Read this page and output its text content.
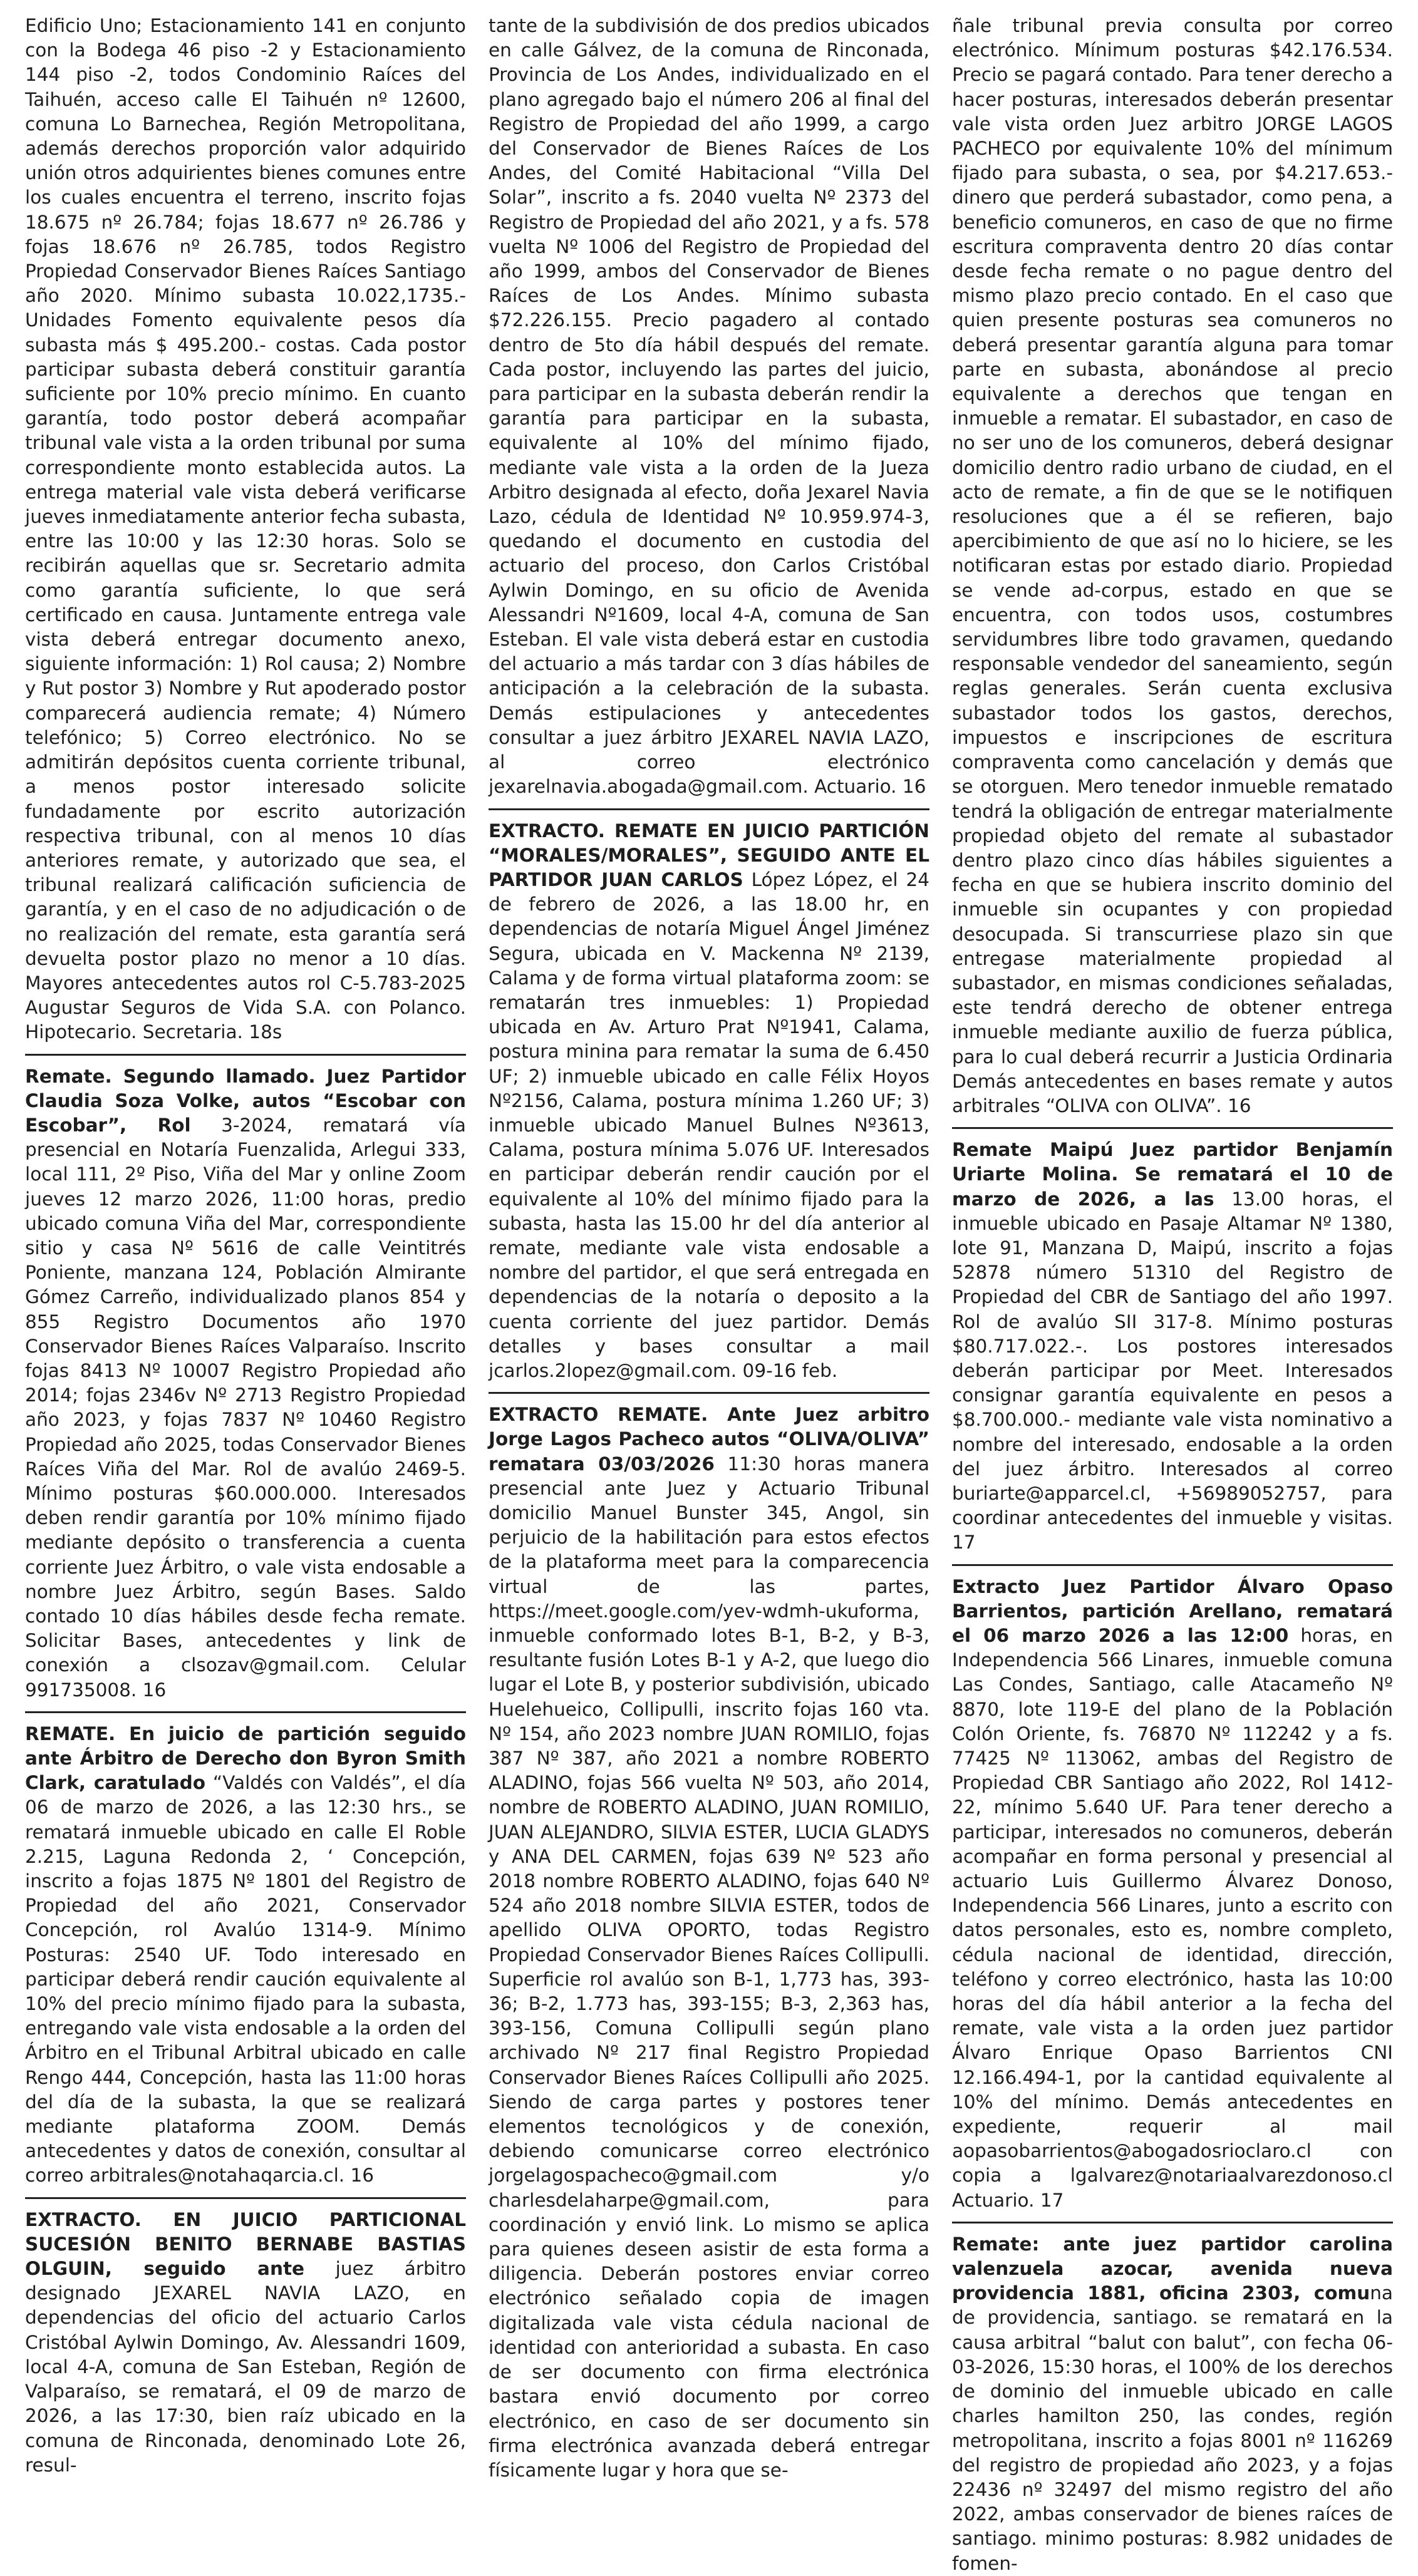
Edificio Uno; Estacionamiento 141 en conjunto con la Bodega 46 piso -2 y Estacionamiento 144 piso -2, todos Condominio Raíces del Taihuén, acceso calle El Taihuén nº 12600, comuna Lo Barnechea, Región Metropolitana, además derechos proporción valor adquirido unión otros adquirientes bienes comunes entre los cuales encuentra el terreno, inscrito fojas 18.675 nº 26.784; fojas 18.677 nº 26.786 y fojas 18.676 nº 26.785, todos Registro Propiedad Conservador Bienes Raíces Santiago año 2020. Mínimo subasta 10.022,1735.- Unidades Fomento equivalente pesos día subasta más $ 495.200.- costas. Cada postor participar subasta deberá constituir garantía suficiente por 10% precio mínimo. En cuanto garantía, todo postor deberá acompañar tribunal vale vista a la orden tribunal por suma correspondiente monto establecida autos. La entrega material vale vista deberá verificarse jueves inmediatamente anterior fecha subasta, entre las 10:00 y las 12:30 horas. Solo se recibirán aquellas que sr. Secretario admita como garantía suficiente, lo que será certificado en causa. Juntamente entrega vale vista deberá entregar documento anexo, siguiente información: 1) Rol causa; 2) Nombre y Rut postor 3) Nombre y Rut apoderado postor comparecerá audiencia remate; 4) Número telefónico; 5) Correo electrónico. No se admitirán depósitos cuenta corriente tribunal, a menos postor interesado solicite fundadamente por escrito autorización respectiva tribunal, con al menos 10 días anteriores remate, y autorizado que sea, el tribunal realizará calificación suficiencia de garantía, y en el caso de no adjudicación o de no realización del remate, esta garantía será devuelta postor plazo no menor a 10 días. Mayores antecedentes autos rol C-5.783-2025 Augustar Seguros de Vida S.A. con Polanco. Hipotecario. Secretaria. 18s

Remate. Segundo llamado. Juez Partidor Claudia Soza Volke, autos “Escobar con Escobar”, Rol 3-2024, rematará vía presencial en Notaría Fuenzalida, Arlegui 333, local 111, 2º Piso, Viña del Mar y online Zoom jueves 12 marzo 2026, 11:00 horas, predio ubicado comuna Viña del Mar, correspondiente sitio y casa Nº 5616 de calle Veintitrés Poniente, manzana 124, Población Almirante Gómez Carreño, individualizado planos 854 y 855 Registro Documentos año 1970 Conservador Bienes Raíces Valparaíso. Inscrito fojas 8413 Nº 10007 Registro Propiedad año 2014; fojas 2346v Nº 2713 Registro Propiedad año 2023, y fojas 7837 Nº 10460 Registro Propiedad año 2025, todas Conservador Bienes Raíces Viña del Mar. Rol de avalúo 2469-5. Mínimo posturas $60.000.000. Interesados deben rendir garantía por 10% mínimo fijado mediante depósito o transferencia a cuenta corriente Juez Árbitro, o vale vista endosable a nombre Juez Árbitro, según Bases. Saldo contado 10 días hábiles desde fecha remate. Solicitar Bases, antecedentes y link de conexión a clsozav@gmail.com. Celular 991735008. 16

REMATE. En juicio de partición seguido ante Árbitro de Derecho don Byron Smith Clark, caratulado “Valdés con Valdés”, el día 06 de marzo de 2026, a las 12:30 hrs., se rematará inmueble ubicado en calle El Roble 2.215, Laguna Redonda 2, ‘ Concepción, inscrito a fojas 1875 Nº 1801 del Registro de Propiedad del año 2021, Conservador Concepción, rol Avalúo 1314-9. Mínimo Posturas: 2540 UF. Todo interesado en participar deberá rendir caución equivalente al 10% del precio mínimo fijado para la subasta, entregando vale vista endosable a la orden del Árbitro en el Tribunal Arbitral ubicado en calle Rengo 444, Concepción, hasta las 11:00 horas del día de la subasta, la que se realizará mediante plataforma ZOOM. Demás antecedentes y datos de conexión, consultar al correo arbitrales@notahaqarcia.cl. 16

EXTRACTO. EN JUICIO PARTICIONAL SUCESIÓN BENITO BERNABE BASTIAS OLGUIN, seguido ante juez árbitro designado JEXAREL NAVIA LAZO, en dependencias del oficio del actuario Carlos Cristóbal Aylwin Domingo, Av. Alessandri 1609, local 4-A, comuna de San Esteban, Región de Valparaíso, se rematará, el 09 de marzo de 2026, a las 17:30, bien raíz ubicado en la comuna de Rinconada, denominado Lote 26, resul-

tante de la subdivisión de dos predios ubicados en calle Gálvez, de la comuna de Rinconada, Provincia de Los Andes, individualizado en el plano agregado bajo el número 206 al final del Registro de Propiedad del año 1999, a cargo del Conservador de Bienes Raíces de Los Andes, del Comité Habitacional “Villa Del Solar”, inscrito a fs. 2040 vuelta Nº 2373 del Registro de Propiedad del año 2021, y a fs. 578 vuelta Nº 1006 del Registro de Propiedad del año 1999, ambos del Conservador de Bienes Raíces de Los Andes. Mínimo subasta $72.226.155. Precio pagadero al contado dentro de 5to día hábil después del remate. Cada postor, incluyendo las partes del juicio, para participar en la subasta deberán rendir la garantía para participar en la subasta, equivalente al 10% del mínimo fijado, mediante vale vista a la orden de la Jueza Arbitro designada al efecto, doña Jexarel Navia Lazo, cédula de Identidad Nº 10.959.974-3, quedando el documento en custodia del actuario del proceso, don Carlos Cristóbal Aylwin Domingo, en su oficio de Avenida Alessandri Nº1609, local 4-A, comuna de San Esteban. El vale vista deberá estar en custodia del actuario a más tardar con 3 días hábiles de anticipación a la celebración de la subasta. Demás estipulaciones y antecedentes consultar a juez árbitro JEXAREL NAVIA LAZO, al correo electrónico jexarelnavia.abogada@gmail.com. Actuario. 16

EXTRACTO. REMATE EN JUICIO PARTICIÓN “MORALES/MORALES”, SEGUIDO ANTE EL PARTIDOR JUAN CARLOS López López, el 24 de febrero de 2026, a las 18.00 hr, en dependencias de notaría Miguel Ángel Jiménez Segura, ubicada en V. Mackenna Nº 2139, Calama y de forma virtual plataforma zoom: se rematarán tres inmuebles: 1) Propiedad ubicada en Av. Arturo Prat Nº1941, Calama, postura minina para rematar la suma de 6.450 UF; 2) inmueble ubicado en calle Félix Hoyos Nº2156, Calama, postura mínima 1.260 UF; 3) inmueble ubicado Manuel Bulnes Nº3613, Calama, postura mínima 5.076 UF. Interesados en participar deberán rendir caución por el equivalente al 10% del mínimo fijado para la subasta, hasta las 15.00 hr del día anterior al remate, mediante vale vista endosable a nombre del partidor, el que será entregada en dependencias de la notaría o deposito a la cuenta corriente del juez partidor. Demás detalles y bases consultar a mail jcarlos.2lopez@gmail.com. 09-16 feb.

EXTRACTO REMATE. Ante Juez arbitro Jorge Lagos Pacheco autos “OLIVA/OLIVA” rematara 03/03/2026 11:30 horas manera presencial ante Juez y Actuario Tribunal domicilio Manuel Bunster 345, Angol, sin perjuicio de la habilitación para estos efectos de la plataforma meet para la comparecencia virtual de las partes, https://meet.google.com/yev-wdmh-ukuforma, inmueble conformado lotes B-1, B-2, y B-3, resultante fusión Lotes B-1 y A-2, que luego dio lugar el Lote B, y posterior subdivisión, ubicado Huelehueico, Collipulli, inscrito fojas 160 vta. Nº 154, año 2023 nombre JUAN ROMILIO, fojas 387 Nº 387, año 2021 a nombre ROBERTO ALADINO, fojas 566 vuelta Nº 503, año 2014, nombre de ROBERTO ALADINO, JUAN ROMILIO, JUAN ALEJANDRO, SILVIA ESTER, LUCIA GLADYS y ANA DEL CARMEN, fojas 639 Nº 523 año 2018 nombre ROBERTO ALADINO, fojas 640 Nº 524 año 2018 nombre SILVIA ESTER, todos de apellido OLIVA OPORTO, todas Registro Propiedad Conservador Bienes Raíces Collipulli. Superficie rol avalúo son B-1, 1,773 has, 393-36; B-2, 1.773 has, 393-155; B-3, 2,363 has, 393-156, Comuna Collipulli según plano archivado Nº 217 final Registro Propiedad Conservador Bienes Raíces Collipulli año 2025. Siendo de carga partes y postores tener elementos tecnológicos y de conexión, debiendo comunicarse correo electrónico jorgelagospacheco@gmail.com y/o charlesdelaharpe@gmail.com, para coordinación y envió link. Lo mismo se aplica para quienes deseen asistir de esta forma a diligencia. Deberán postores enviar correo electrónico señalado copia de imagen digitalizada vale vista cédula nacional de identidad con anterioridad a subasta. En caso de ser documento con firma electrónica bastara envió documento por correo electrónico, en caso de ser documento sin firma electrónica avanzada deberá entregar físicamente lugar y hora que se-

ñale tribunal previa consulta por correo electrónico. Mínimum posturas $42.176.534. Precio se pagará contado. Para tener derecho a hacer posturas, interesados deberán presentar vale vista orden Juez arbitro JORGE LAGOS PACHECO por equivalente 10% del mínimum fijado para subasta, o sea, por $4.217.653.- dinero que perderá subastador, como pena, a beneficio comuneros, en caso de que no firme escritura compraventa dentro 20 días contar desde fecha remate o no pague dentro del mismo plazo precio contado. En el caso que quien presente posturas sea comuneros no deberá presentar garantía alguna para tomar parte en subasta, abonándose al precio equivalente a derechos que tengan en inmueble a rematar. El subastador, en caso de no ser uno de los comuneros, deberá designar domicilio dentro radio urbano de ciudad, en el acto de remate, a fin de que se le notifiquen resoluciones que a él se refieren, bajo apercibimiento de que así no lo hiciere, se les notificaran estas por estado diario. Propiedad se vende ad-corpus, estado en que se encuentra, con todos usos, costumbres servidumbres libre todo gravamen, quedando responsable vendedor del saneamiento, según reglas generales. Serán cuenta exclusiva subastador todos los gastos, derechos, impuestos e inscripciones de escritura compraventa como cancelación y demás que se otorguen. Mero tenedor inmueble rematado tendrá la obligación de entregar materialmente propiedad objeto del remate al subastador dentro plazo cinco días hábiles siguientes a fecha en que se hubiera inscrito dominio del inmueble sin ocupantes y con propiedad desocupada. Si transcurriese plazo sin que entregase materialmente propiedad al subastador, en mismas condiciones señaladas, este tendrá derecho de obtener entrega inmueble mediante auxilio de fuerza pública, para lo cual deberá recurrir a Justicia Ordinaria Demás antecedentes en bases remate y autos arbitrales “OLIVA con OLIVA”. 16

Remate Maipú Juez partidor Benjamín Uriarte Molina. Se rematará el 10 de marzo de 2026, a las 13.00 horas, el inmueble ubicado en Pasaje Altamar Nº 1380, lote 91, Manzana D, Maipú, inscrito a fojas 52878 número 51310 del Registro de Propiedad del CBR de Santiago del año 1997. Rol de avalúo SII 317-8. Mínimo posturas $80.717.022.-. Los postores interesados deberán participar por Meet. Interesados consignar garantía equivalente en pesos a $8.700.000.- mediante vale vista nominativo a nombre del interesado, endosable a la orden del juez árbitro. Interesados al correo buriarte@apparcel.cl, +56989052757, para coordinar antecedentes del inmueble y visitas. 17

Extracto Juez Partidor Álvaro Opaso Barrientos, partición Arellano, rematará el 06 marzo 2026 a las 12:00 horas, en Independencia 566 Linares, inmueble comuna Las Condes, Santiago, calle Atacameño Nº 8870, lote 119-E del plano de la Población Colón Oriente, fs. 76870 Nº 112242 y a fs. 77425 Nº 113062, ambas del Registro de Propiedad CBR Santiago año 2022, Rol 1412-22, mínimo 5.640 UF. Para tener derecho a participar, interesados no comuneros, deberán acompañar en forma personal y presencial al actuario Luis Guillermo Álvarez Donoso, Independencia 566 Linares, junto a escrito con datos personales, esto es, nombre completo, cédula nacional de identidad, dirección, teléfono y correo electrónico, hasta las 10:00 horas del día hábil anterior a la fecha del remate, vale vista a la orden juez partidor Álvaro Enrique Opaso Barrientos CNI 12.166.494-1, por la cantidad equivalente al 10% del mínimo. Demás antecedentes en expediente, requerir al mail aopasobarrientos@abogadosrioclaro.cl con copia a lgalvarez@notariaalvarezdonoso.cl Actuario. 17

Remate: ante juez partidor carolina valenzuela azocar, avenida nueva providencia 1881, oficina 2303, comuna de providencia, santiago. se rematará en la causa arbitral “balut con balut”, con fecha 06-03-2026, 15:30 horas, el 100% de los derechos de dominio del inmueble ubicado en calle charles hamilton 250, las condes, región metropolitana, inscrito a fojas 8001 nº 116269 del registro de propiedad año 2023, y a fojas 22436 nº 32497 del mismo registro del año 2022, ambas conservador de bienes raíces de santiago. minimo posturas: 8.982 unidades de fomen-
